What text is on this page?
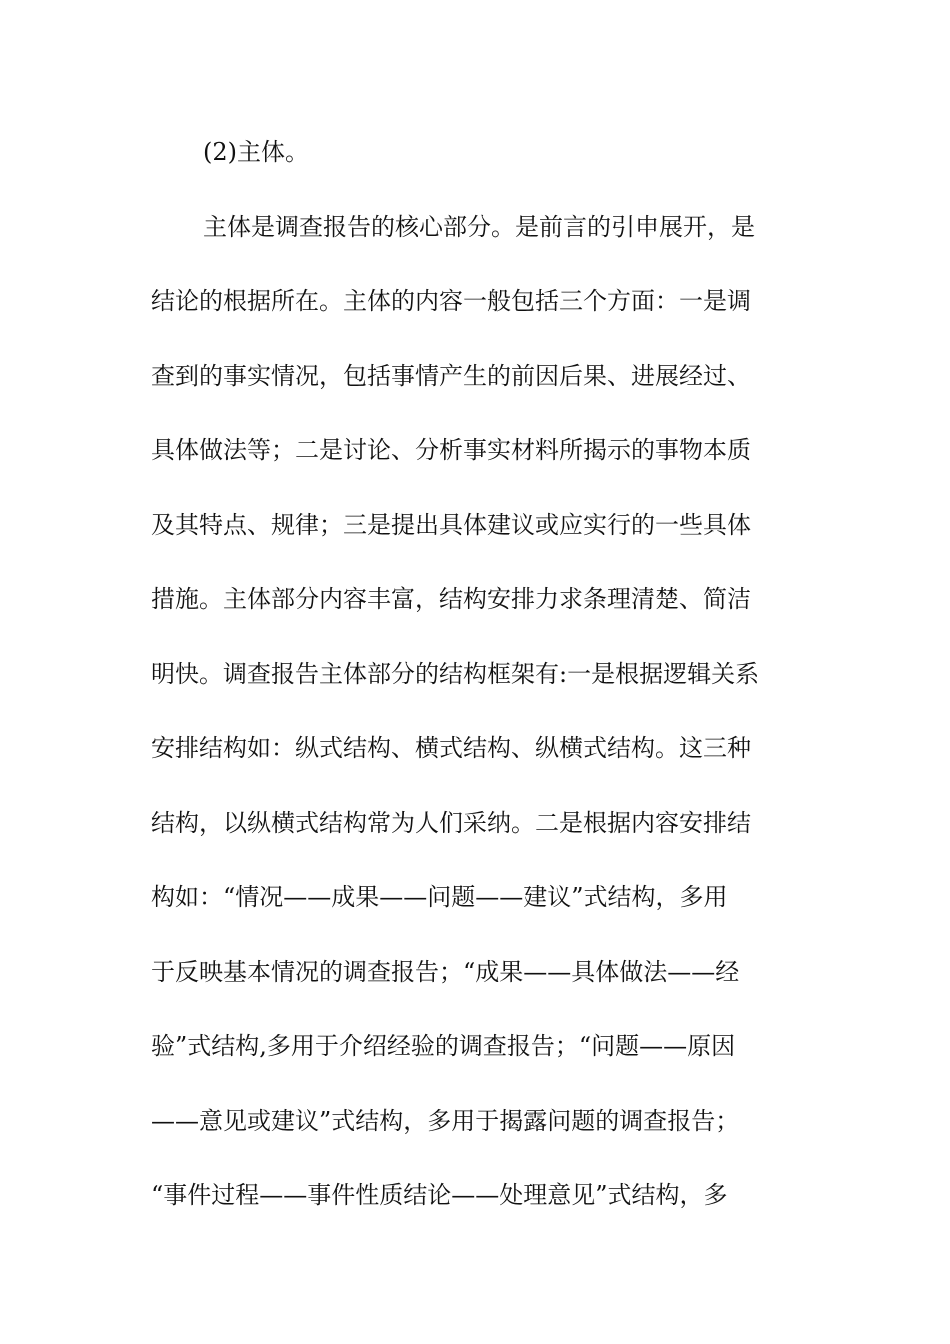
(2)主体。
主体是调查报告的核心部分。是前言的引申展开，是
结论的根据所在。主体的内容一般包括三个方面：一是调
查到的事实情况，包括事情产生的前因后果、进展经过、
具体做法等；二是讨论、分析事实材料所揭示的事物本质
及其特点、规律；三是提出具体建议或应实行的一些具体
措施。主体部分内容丰富，结构安排力求条理清楚、简洁
明快。调查报告主体部分的结构框架有:一是根据逻辑关系
安排结构如：纵式结构、横式结构、纵横式结构。这三种
结构，以纵横式结构常为人们采纳。二是根据内容安排结
构如：“情况——成果——问题——建议”式结构，多用
于反映基本情况的调查报告；“成果——具体做法——经
验”式结构,多用于介绍经验的调查报告；“问题——原因
——意见或建议”式结构，多用于揭露问题的调查报告；
“事件过程——事件性质结论——处理意见”式结构，多
